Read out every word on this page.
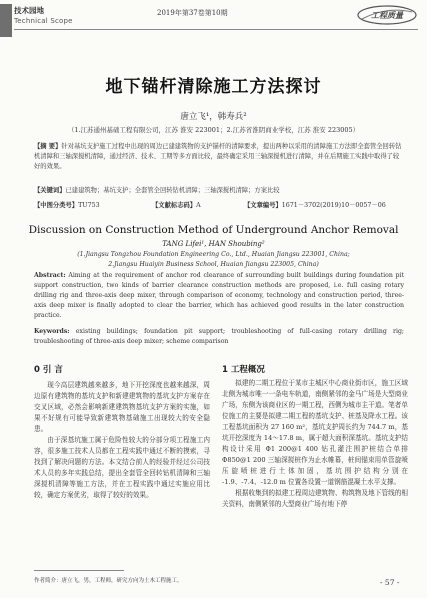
技术园地
Technical Scope
2019年第37卷第10期	工程质量
地下锚杆清除施工方法探讨
唐立飞¹，韩寿兵²
（1.江苏通州基础工程有限公司，江苏 淮安 223001；2.江苏省淮阴商业学校，江苏 淮安 223005）
【摘 要】针对基坑支护施工过程中出现的周边已建建筑物的支护锚杆的清障要求，提出两种以采用的清障施工方法即全套管全回转钻机清障和三轴深搅机清障，通过经济、技术、工期等多方面比较，最终确定采用三轴深搅机进行清障，并在后期施工实践中取得了较好的效果。
【关键词】已建建筑物；基坑支护；全套管全回转钻机清障；三轴深搅机清障；方案比较
【中图分类号】TU753	【文献标志码】A	【文章编号】1671－3702(2019)10－0057－06
Discussion on Construction Method of Underground Anchor Removal
TANG Lifei¹, HAN Shoubing²
(1.Jiangsu Tongzhou Foundation Engineering Co., Ltd., Huaian Jiangsu 223001, China;
2.Jiangsu Huaiyin Business School, Huaian Jiangsu 223005, China)
Abstract: Aiming at the requirement of anchor rod clearance of surrounding built buildings during foundation pit support construction, two kinds of barrier clearance construction methods are proposed, i.e. full casing rotary drilling rig and three-axis deep mixer, through comparison of economy, technology and construction period, three-axis deep mixer is finally adopted to clear the barrier, which has achieved good results in the later construction practice.
Keywords: existing buildings; foundation pit support; troubleshooting of full-casing rotary drilling rig; troubleshooting of three-axis deep mixer; scheme comparison
0 引 言	1 工程概况

现今高层建筑越来越多，地下开挖深度也越来越深，周边原有建筑物的基坑支护和新建建筑物的基坑支护方案存在交叉区域，必然会影响新建建筑物基坑支护方案的实施，如果不好规有可能导致新建筑物基础施工出现较大的安全隐患。

由于深基坑施工属于危险性较大的分部分项工程施工内容，很多施工技术人员都在工程实践中通过不断的摸索，寻找到了解决问题的方法。本文结合前人的经验并经过公司技术人员的多年实践总结，提出全套管全回转钻机清障和三轴深搅机清障等施工方法，并在工程实践中通过实施应用比较，确定方案优劣，取得了较好的效果。

拟建的二期工程位于某市主城区中心商业街市区，施工区域北侧为城市唯一一条电车轨道，南侧紧邻的金马广场是大型商业广场，东侧为该商业区的一期工程，西侧为城市主干道。笔者单位施工的主要是拟建二期工程的基坑支护、桩基及降水工程。该工程基坑面积为 27 160 m²，基坑支护周长约为 744.7 m，基坑开挖深度为 14～17.8 m，属于超大面积深基坑。基坑支护结构设计采用 Φ1 200@1 400 钻孔灌注围护桩结合单排 Φ850@1 200 三轴深搅桩作为止水帷幕，桩间锚束用单管旋喷压旋喷桩进行土体加固，基坑围护结构分别在 -1.9、-7.4、-12.0 m 位置各设置一道钢筋混凝土水平支撑。

根据收集到的拟建工程周边建筑物、构筑物及地下管线的相关资料，南侧紧邻的大型商业广场有地下停

作者简介：唐立飞，男，工程师，研究方向为土木工程施工。	- 57 -
